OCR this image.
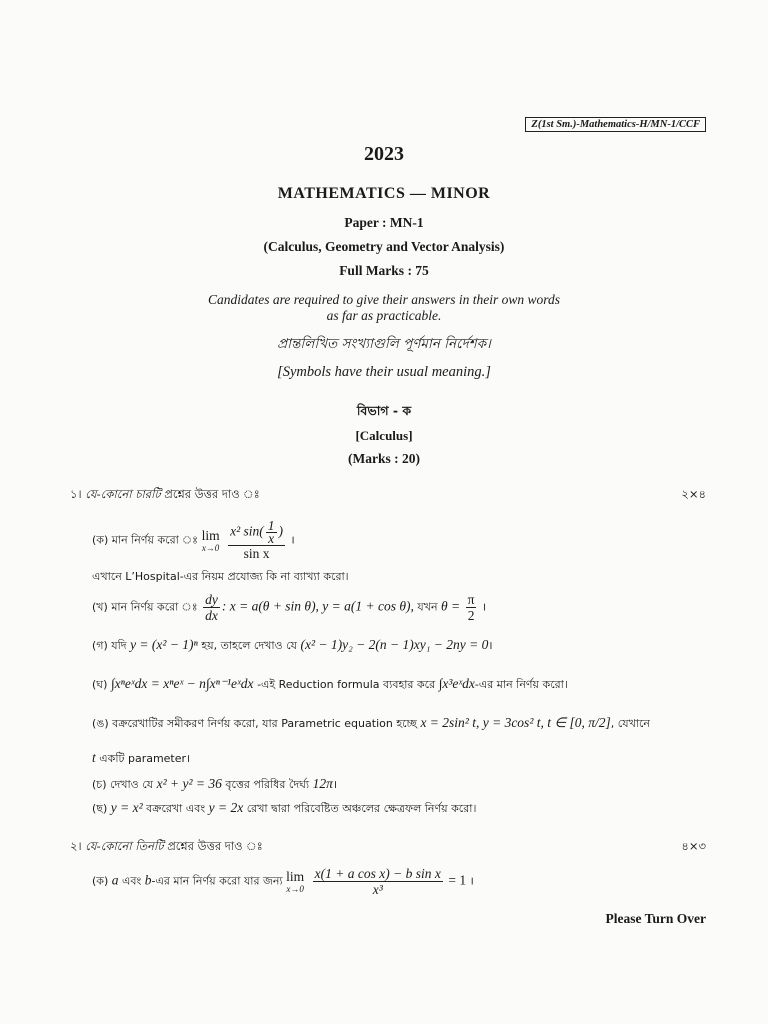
Z(1st Sm.)-Mathematics-H/MN-1/CCF
2023
MATHEMATICS — MINOR
Paper : MN-1
(Calculus, Geometry and Vector Analysis)
Full Marks : 75
Candidates are required to give their answers in their own words
as far as practicable.
প্রান্তলিখিত সংখ্যাগুলি পূর্ণমান নির্দেশক।
[Symbols have their usual meaning.]
বিভাগ - ক
[Calculus]
(Marks : 20)
১। যে-কোনো চারটি প্রশ্নের উত্তর দাও ঃ	২×৪
(ক) মান নির্ণয় করো ঃ lim
x→0
$\frac{x^2 \sin( \frac{1}{x} )}{\text{sin x}}$ ।
এখানে L’Hospital-এর নিয়ম প্রযোজ্য কি না ব্যাখ্যা করো।
(খ) মান নির্ণয় করো ঃ $\frac{dy}{dx}$ : x = a(θ + sin θ), y = a(1 + cos θ), যখন $\theta = \frac{\pi}{2}$ ।
(গ) যদি y = (x² − 1)ⁿ হয়, তাহলে দেখাও যে (x² − 1)y₂ − 2(n − 1)xy₁ − 2ny = 0।
(ঘ) ∫xⁿeˣdx = xⁿeˣ − n∫xⁿ⁻¹eˣdx -এই Reduction formula ব্যবহার করে ∫x³eˣdx-এর মান নির্ণয় করো।
(ঙ) বক্ররেখাটির সমীকরণ নির্ণয় করো, যার Parametric equation হচ্ছে x = 2sin² t, y = 3cos² t, t ∈ [0, π/2], যেখানে
t একটি parameter।
(চ) দেখাও যে x² + y² = 36 বৃত্তের পরিধির দৈর্ঘ্য 12π।
(ছ) y = x² বক্ররেখা এবং y = 2x রেখা দ্বারা পরিবেষ্টিত অঞ্চলের ক্ষেত্রফল নির্ণয় করো।
২। যে-কোনো তিনটি প্রশ্নের উত্তর দাও ঃ	৪×৩
(ক) a এবং b-এর মান নির্ণয় করো যার জন্য lim
x→0
$\frac{\text{x(1 + a cos x) − b sin x}}{\text{x³}} = 1$ ।
Please Turn Over
